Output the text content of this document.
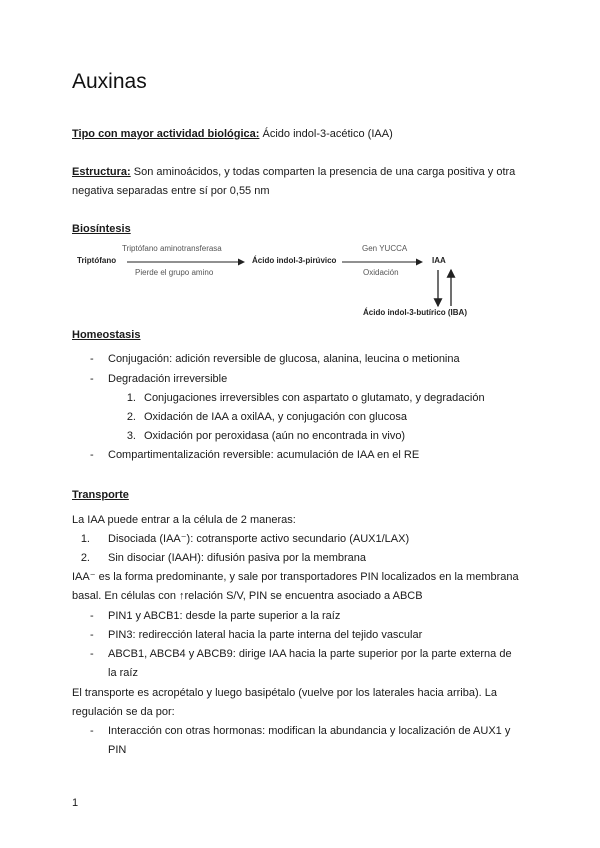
Auxinas
Tipo con mayor actividad biológica: Ácido indol-3-acético (IAA)
Estructura: Son aminoácidos, y todas comparten la presencia de una carga positiva y otra
negativa separadas entre sí por 0,55 nm
Biosíntesis
Triptófano
Triptófano aminotransferasa
Pierde el grupo amino
Ácido indol-3-pirúvico
Gen YUCCA
Oxidación
IAA
Ácido indol-3-butírico (IBA)
Homeostasis
-	Conjugación: adición reversible de glucosa, alanina, leucina o metionina
-	Degradación irreversible
1. Conjugaciones irreversibles con aspartato o glutamato, y degradación
2. Oxidación de IAA a oxilAA, y conjugación con glucosa
3. Oxidación por peroxidasa (aún no encontrada in vivo)
-	Compartimentalización reversible: acumulación de IAA en el RE
Transporte
La IAA puede entrar a la célula de 2 maneras:
1. Disociada (IAA⁻): cotransporte activo secundario (AUX1/LAX)
2. Sin disociar (IAAH): difusión pasiva por la membrana
IAA⁻ es la forma predominante, y sale por transportadores PIN localizados en la membrana
basal. En células con ↑relación S/V, PIN se encuentra asociado a ABCB
-	PIN1 y ABCB1: desde la parte superior a la raíz
-	PIN3: redirección lateral hacia la parte interna del tejido vascular
-	ABCB1, ABCB4 y ABCB9: dirige IAA hacia la parte superior por la parte externa de
la raíz
El transporte es acropétalo y luego basipétalo (vuelve por los laterales hacia arriba). La
regulación se da por:
-	Interacción con otras hormonas: modifican la abundancia y localización de AUX1 y
PIN
1
